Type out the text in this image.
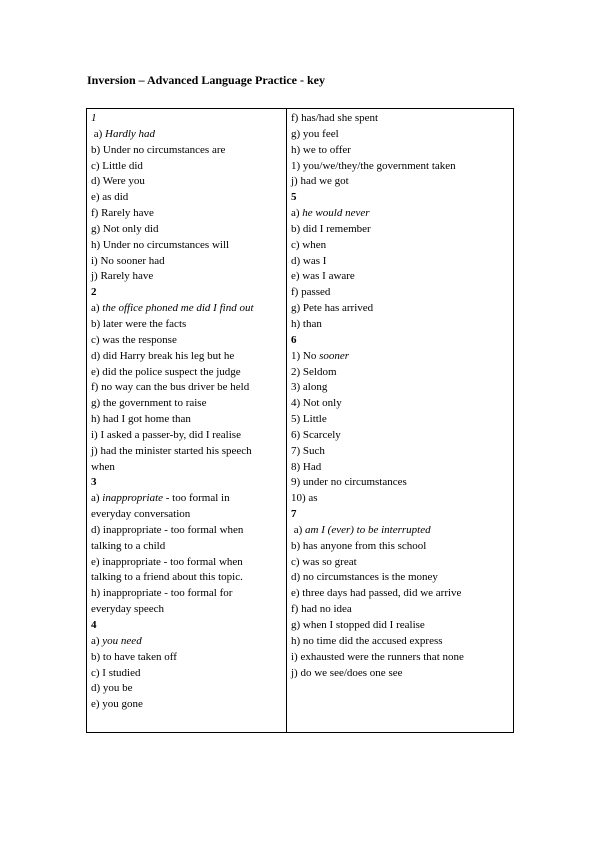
Inversion – Advanced Language Practice - key
1
a) Hardly had
b) Under no circumstances are
c) Little did
d) Were you
e) as did
f) Rarely have
g) Not only did
h) Under no circumstances will
i) No sooner had
j) Rarely have
2
a) the office phoned me did I find out
b) later were the facts
c) was the response
d) did Harry break his leg but he
e) did the police suspect the judge
f) no way can the bus driver be held
g) the government to raise
h) had I got home than
i) I asked a passer-by, did I realise
j) had the minister started his speech
when
3
a) inappropriate - too formal in
everyday conversation
d) inappropriate - too formal when
talking to a child
e) inappropriate - too formal when
talking to a friend about this topic.
h) inappropriate - too formal for
everyday speech
4
a) you need
b) to have taken off
c) I studied
d) you be
e) you gone
f) has/had she spent
g) you feel
h) we to offer
1) you/we/they/the government taken
j) had we got
5
a) he would never
b) did I remember
c) when
d) was I
e) was I aware
f) passed
g) Pete has arrived
h) than
6
1) No sooner
2) Seldom
3) along
4) Not only
5) Little
6) Scarcely
7) Such
8) Had
9) under no circumstances
10) as
7
a) am I (ever) to be interrupted
b) has anyone from this school
c) was so great
d) no circumstances is the money
e) three days had passed, did we arrive
f) had no idea
g) when I stopped did I realise
h) no time did the accused express
i) exhausted were the runners that none
j) do we see/does one see
